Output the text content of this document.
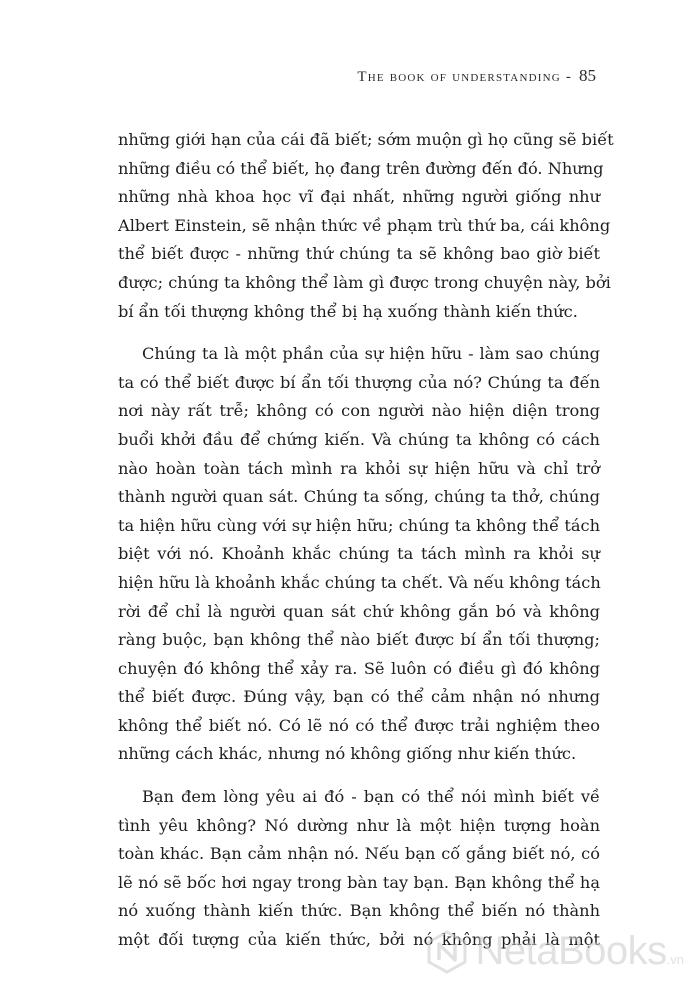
The book of understanding - 85

những giới hạn của cái đã biết; sớm muộn gì họ cũng sẽ biết
những điều có thể biết, họ đang trên đường đến đó. Nhưng
những nhà khoa học vĩ đại nhất, những người giống như
Albert Einstein, sẽ nhận thức về phạm trù thứ ba, cái không
thể biết được - những thứ chúng ta sẽ không bao giờ biết
được; chúng ta không thể làm gì được trong chuyện này, bởi
bí ẩn tối thượng không thể bị hạ xuống thành kiến thức.

Chúng ta là một phần của sự hiện hữu - làm sao chúng
ta có thể biết được bí ẩn tối thượng của nó? Chúng ta đến
nơi này rất trễ; không có con người nào hiện diện trong
buổi khởi đầu để chứng kiến. Và chúng ta không có cách
nào hoàn toàn tách mình ra khỏi sự hiện hữu và chỉ trở
thành người quan sát. Chúng ta sống, chúng ta thở, chúng
ta hiện hữu cùng với sự hiện hữu; chúng ta không thể tách
biệt với nó. Khoảnh khắc chúng ta tách mình ra khỏi sự
hiện hữu là khoảnh khắc chúng ta chết. Và nếu không tách
rời để chỉ là người quan sát chứ không gắn bó và không
ràng buộc, bạn không thể nào biết được bí ẩn tối thượng;
chuyện đó không thể xảy ra. Sẽ luôn có điều gì đó không
thể biết được. Đúng vậy, bạn có thể cảm nhận nó nhưng
không thể biết nó. Có lẽ nó có thể được trải nghiệm theo
những cách khác, nhưng nó không giống như kiến thức.

Bạn đem lòng yêu ai đó - bạn có thể nói mình biết về
tình yêu không? Nó dường như là một hiện tượng hoàn
toàn khác. Bạn cảm nhận nó. Nếu bạn cố gắng biết nó, có
lẽ nó sẽ bốc hơi ngay trong bàn tay bạn. Bạn không thể hạ
nó xuống thành kiến thức. Bạn không thể biến nó thành
một đối tượng của kiến thức, bởi nó không phải là một

NetaBooks.vn
